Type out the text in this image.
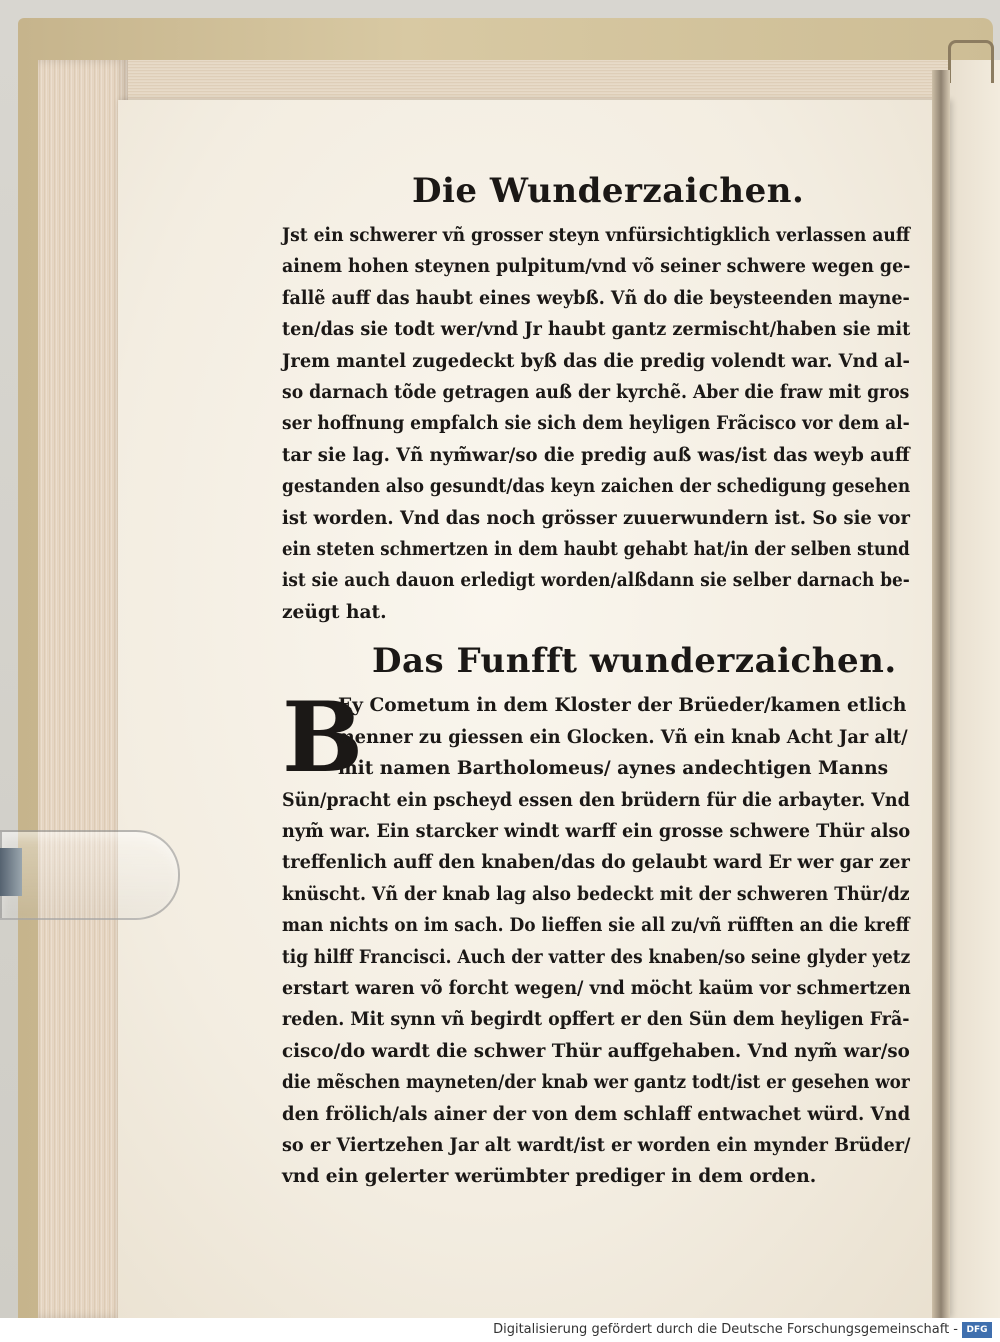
Die Wunderzaichen.

Jst ein schwerer vñ grosser steyn vnfürsichtigklich verlassen auff

ainem hohen steynen pulpitum/vnd võ seiner schwere wegen ge-

fallẽ auff das haubt eines weybß. Vñ do die beysteenden mayne-

ten/das sie todt wer/vnd Jr haubt gantz zermischt/haben sie mit

Jrem mantel zugedeckt byß das die predig volendt war. Vnd al-

so darnach tõde getragen auß der kyrchẽ. Aber die fraw mit gros

ser hoffnung empfalch sie sich dem heyligen Frãcisco vor dem al-

tar sie lag. Vñ nym̃war/so die predig auß was/ist das weyb auff

gestanden also gesundt/das keyn zaichen der schedigung gesehen

ist worden. Vnd das noch grösser zuuerwundern ist. So sie vor

ein steten schmertzen in dem haubt gehabt hat/in der selben stund

ist sie auch dauon erledigt worden/alßdann sie selber darnach be-

zeügt hat.

Das Funfft wunderzaichen.
B

Ey Cometum in dem Kloster der Brüeder/kamen etlich

menner zu giessen ein Glocken. Vñ ein knab Acht Jar alt/

mit namen Bartholomeus/ aynes andechtigen Manns

Sün/pracht ein pscheyd essen den brüdern für die arbayter. Vnd

nym̃ war. Ein starcker windt warff ein grosse schwere Thür also

treffenlich auff den knaben/das do gelaubt ward Er wer gar zer

knüscht. Vñ der knab lag also bedeckt mit der schweren Thür/dz

man nichts on im sach. Do lieffen sie all zu/vñ rüfften an die kreff

tig hilff Francisci. Auch der vatter des knaben/so seine glyder yetz

erstart waren võ forcht wegen/ vnd möcht kaüm vor schmertzen

reden. Mit synn vñ begirdt opffert er den Sün dem heyligen Frã-

cisco/do wardt die schwer Thür auffgehaben. Vnd nym̃ war/so

die mẽschen mayneten/der knab wer gantz todt/ist er gesehen wor

den frölich/als ainer der von dem schlaff entwachet würd. Vnd

so er Viertzehen Jar alt wardt/ist er worden ein mynder Brüder/

vnd ein gelerter werümbter prediger in dem orden.

Digitalisierung gefördert durch die Deutsche Forschungsgemeinschaft - DFG
